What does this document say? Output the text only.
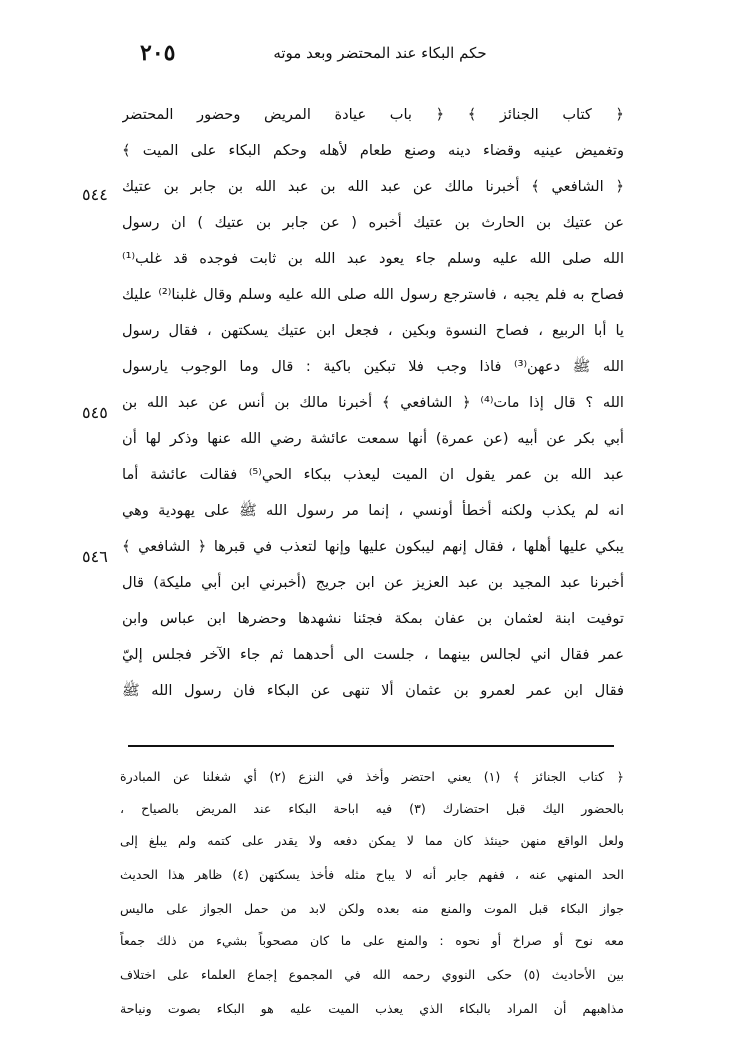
حكم البكاء عند المحتضر وبعد موته
٢٠٥
٥٤٤
٥٤٥
٥٤٦
﴿ كتاب الجنائز ﴾ ﴿ باب عيادة المريض وحضور المحتضر
وتغميض عينيه وقضاء دينه وصنع طعام لأهله وحكم البكاء على الميت ﴾
﴿ الشافعي ﴾ أخبرنا مالك عن عبد الله بن عبد الله بن جابر بن عتيك
عن عتيك بن الحارث بن عتيك أخبره ( عن جابر بن عتيك ) ان رسول
الله صلى الله عليه وسلم جاء يعود عبد الله بن ثابت فوجده قد غلب⁽¹⁾
فصاح به فلم يجبه ، فاسترجع رسول الله صلى الله عليه وسلم وقال غلبنا⁽²⁾ عليك
يا أبا الربيع ، فصاح النسوة وبكين ، فجعل ابن عتيك يسكتهن ، فقال رسول
الله ﷺ دعهن⁽³⁾ فاذا وجب فلا تبكين باكية : قال وما الوجوب يارسول
الله ؟ قال إذا مات⁽⁴⁾ ﴿ الشافعي ﴾ أخبرنا مالك بن أنس عن عبد الله بن
أبي بكر عن أبيه (عن عمرة) أنها سمعت عائشة رضي الله عنها وذكر لها أن
عبد الله بن عمر يقول ان الميت ليعذب ببكاء الحي⁽⁵⁾ فقالت عائشة أما
انه لم يكذب ولكنه أخطأ أونسي ، إنما مر رسول الله ﷺ على يهودية وهي
يبكي عليها أهلها ، فقال إنهم ليبكون عليها وإنها لتعذب في قبرها ﴿ الشافعي ﴾
أخبرنا عبد المجيد بن عبد العزيز عن ابن جريج (أخبرني ابن أبي مليكة) قال
توفيت ابنة لعثمان بن عفان بمكة فجئنا نشهدها وحضرها ابن عباس وابن
عمر فقال اني لجالس بينهما ، جلست الى أحدهما ثم جاء الآخر فجلس إليّ
فقال ابن عمر لعمرو بن عثمان ألا تنهى عن البكاء فان رسول الله ﷺ
﴿ كتاب الجنائز ﴾ (١) يعني احتضر وأخذ في النزع (٢) أي شغلنا عن المبادرة
بالحضور اليك قبل احتضارك (٣) فيه اباحة البكاء عند المريض بالصياح ،
ولعل الواقع منهن حينئذ كان مما لا يمكن دفعه ولا يقدر على كتمه ولم يبلغ إلى
الحد المنهي عنه ، ففهم جابر أنه لا يباح مثله فأخذ يسكتهن (٤) ظاهر هذا الحديث
جواز البكاء قبل الموت والمنع منه بعده ولكن لابد من حمل الجواز على ماليس
معه نوح أو صراخ أو نحوه : والمنع على ما كان مصحوباً بشيء من ذلك جمعاً
بين الأحاديث (٥) حكى النووي رحمه الله في المجموع إجماع العلماء على اختلاف
مذاهبهم أن المراد بالبكاء الذي يعذب الميت عليه هو البكاء بصوت ونياحة
